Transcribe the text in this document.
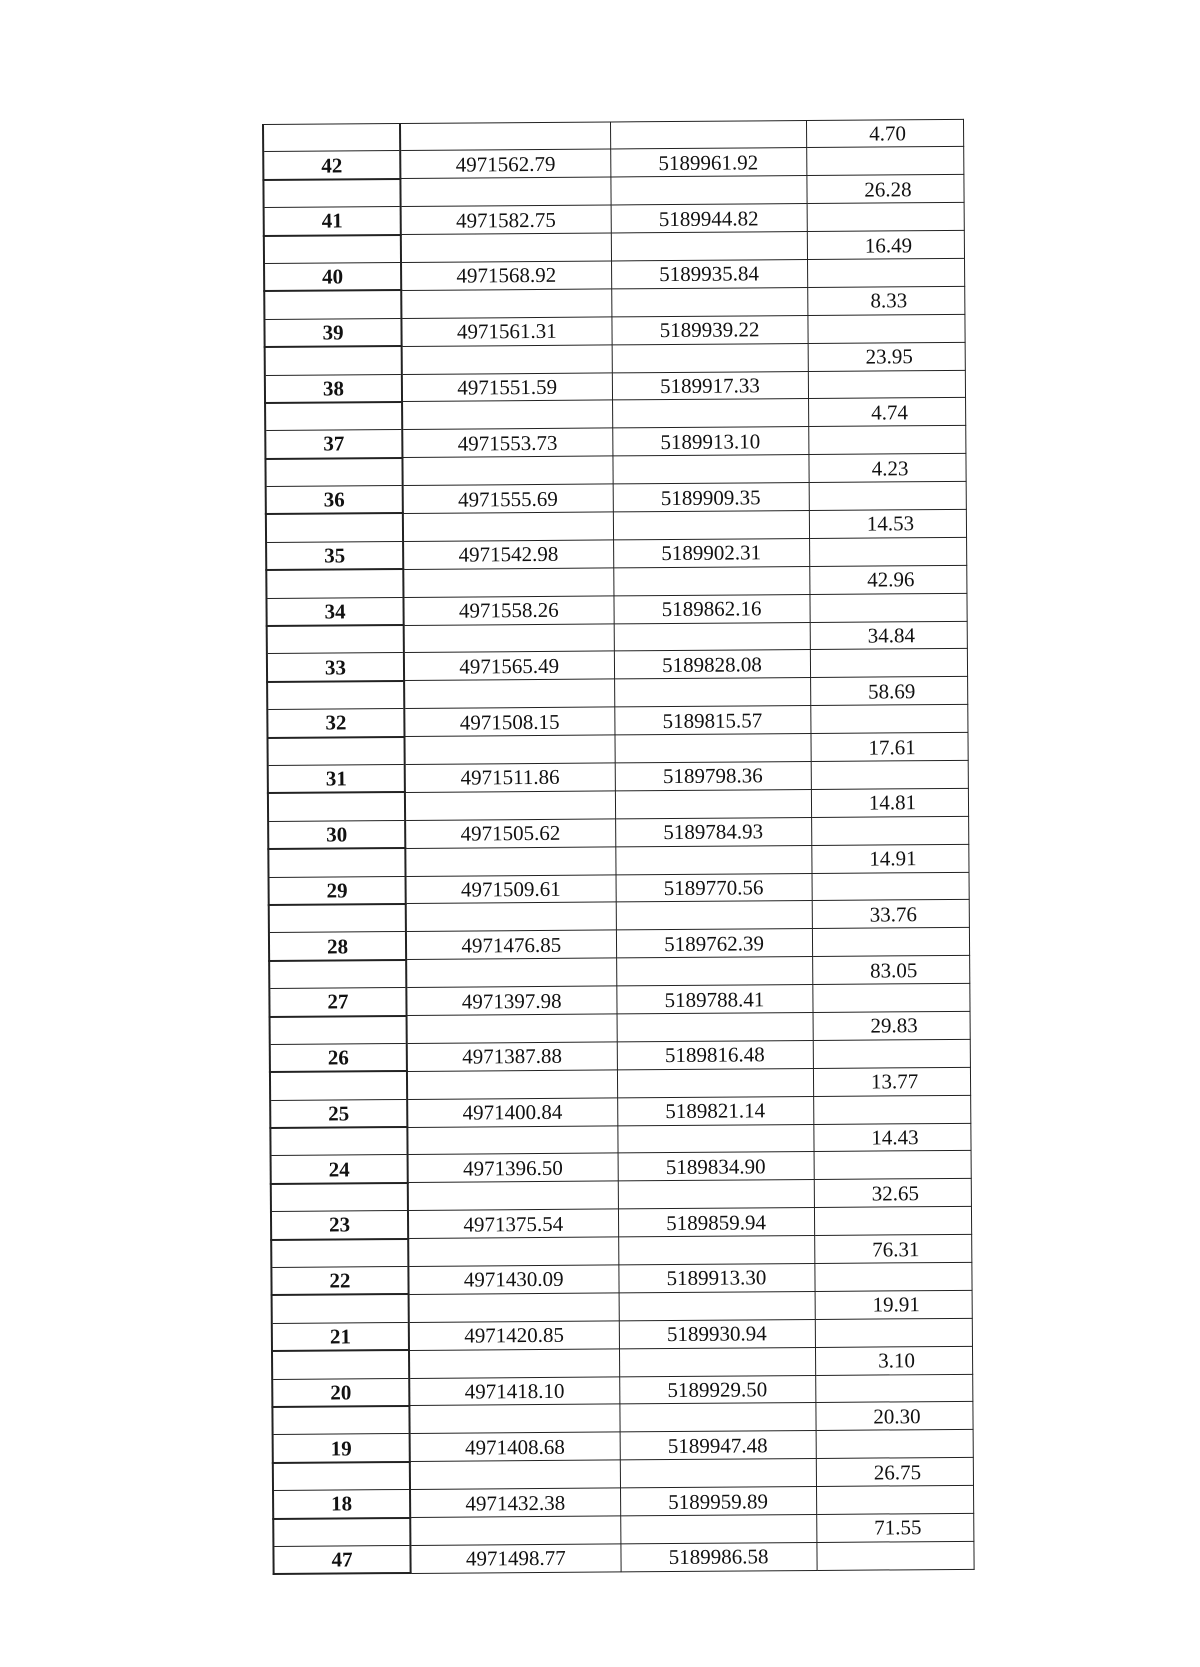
			4.70
42	4971562.79	5189961.92	
			26.28
41	4971582.75	5189944.82	
			16.49
40	4971568.92	5189935.84	
			8.33
39	4971561.31	5189939.22	
			23.95
38	4971551.59	5189917.33	
			4.74
37	4971553.73	5189913.10	
			4.23
36	4971555.69	5189909.35	
			14.53
35	4971542.98	5189902.31	
			42.96
34	4971558.26	5189862.16	
			34.84
33	4971565.49	5189828.08	
			58.69
32	4971508.15	5189815.57	
			17.61
31	4971511.86	5189798.36	
			14.81
30	4971505.62	5189784.93	
			14.91
29	4971509.61	5189770.56	
			33.76
28	4971476.85	5189762.39	
			83.05
27	4971397.98	5189788.41	
			29.83
26	4971387.88	5189816.48	
			13.77
25	4971400.84	5189821.14	
			14.43
24	4971396.50	5189834.90	
			32.65
23	4971375.54	5189859.94	
			76.31
22	4971430.09	5189913.30	
			19.91
21	4971420.85	5189930.94	
			3.10
20	4971418.10	5189929.50	
			20.30
19	4971408.68	5189947.48	
			26.75
18	4971432.38	5189959.89	
			71.55
47	4971498.77	5189986.58	
